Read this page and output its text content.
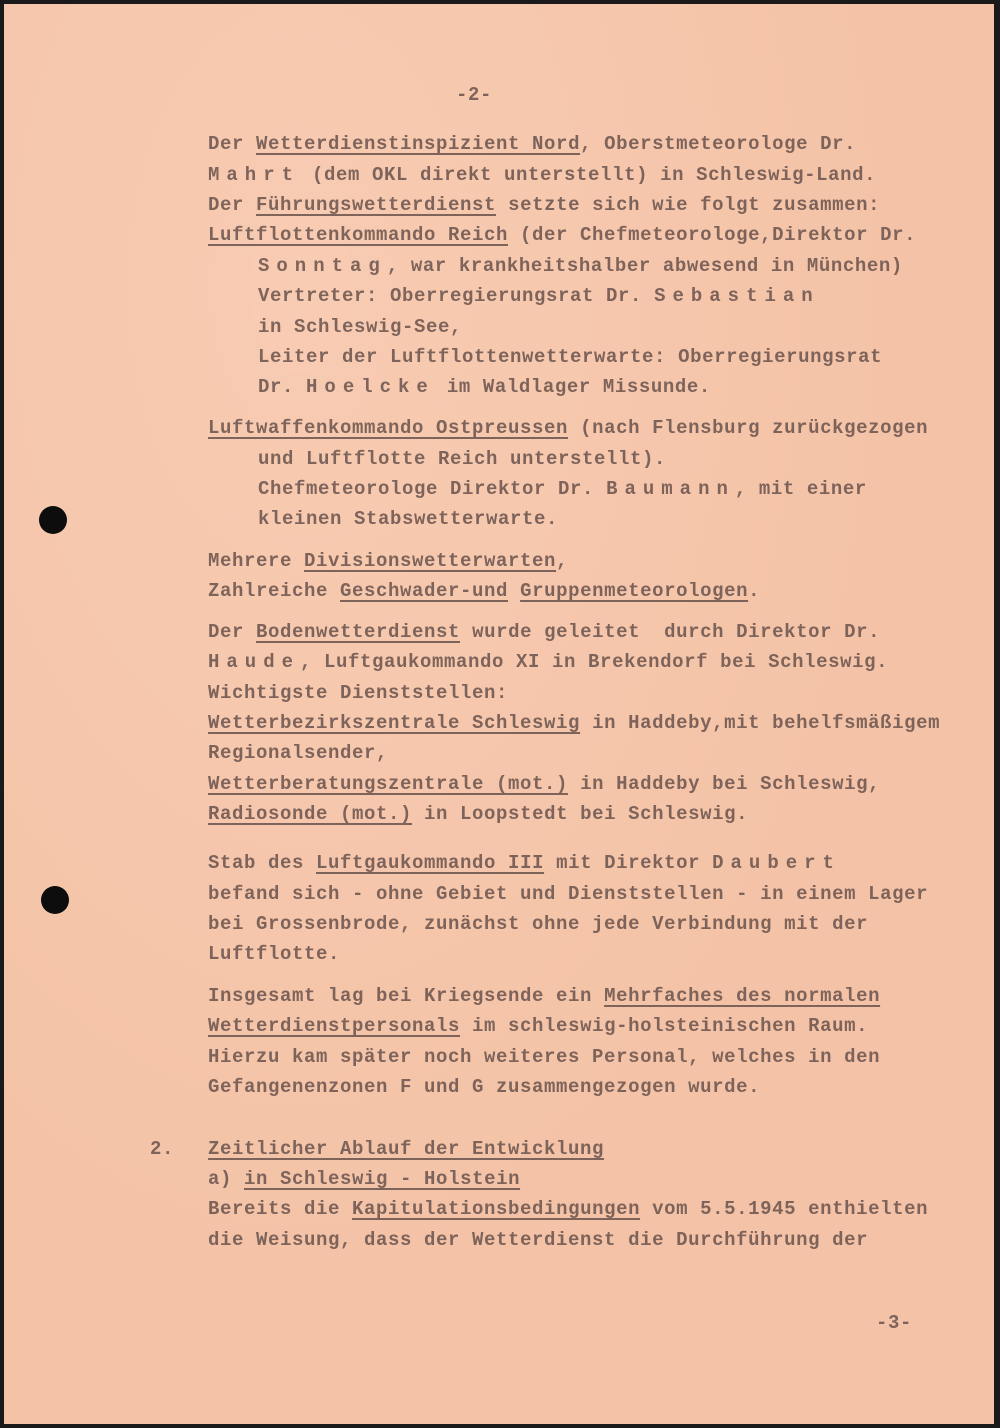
-2-
Der Wetterdienstinspizient Nord, Oberstmeteorologe Dr.
Mahrt (dem OKL direkt unterstellt) in Schleswig-Land.
Der Führungswetterdienst setzte sich wie folgt zusammen:
Luftflottenkommando Reich (der Chefmeteorologe,Direktor Dr.
Sonntag, war krankheitshalber abwesend in München)
Vertreter: Oberregierungsrat Dr. Sebastian
in Schleswig-See,
Leiter der Luftflottenwetterwarte: Oberregierungsrat
Dr. Hoelcke im Waldlager Missunde.
Luftwaffenkommando Ostpreussen (nach Flensburg zurückgezogen
und Luftflotte Reich unterstellt).
Chefmeteorologe Direktor Dr. Baumann, mit einer
kleinen Stabswetterwarte.
Mehrere Divisionswetterwarten,
Zahlreiche Geschwader-und Gruppenmeteorologen.
Der Bodenwetterdienst wurde geleitet  durch Direktor Dr.
Haude, Luftgaukommando XI in Brekendorf bei Schleswig.
Wichtigste Dienststellen:
Wetterbezirkszentrale Schleswig in Haddeby,mit behelfsmäßigem
Regionalsender,
Wetterberatungszentrale (mot.) in Haddeby bei Schleswig,
Radiosonde (mot.) in Loopstedt bei Schleswig.
Stab des Luftgaukommando III mit Direktor Daubert
befand sich - ohne Gebiet und Dienststellen - in einem Lager
bei Grossenbrode, zunächst ohne jede Verbindung mit der
Luftflotte.
Insgesamt lag bei Kriegsende ein Mehrfaches des normalen
Wetterdienstpersonals im schleswig-holsteinischen Raum.
Hierzu kam später noch weiteres Personal, welches in den
Gefangenenzonen F und G zusammengezogen wurde.
2. Zeitlicher Ablauf der Entwicklung
a) in Schleswig - Holstein
Bereits die Kapitulationsbedingungen vom 5.5.1945 enthielten
die Weisung, dass der Wetterdienst die Durchführung der
-3-
